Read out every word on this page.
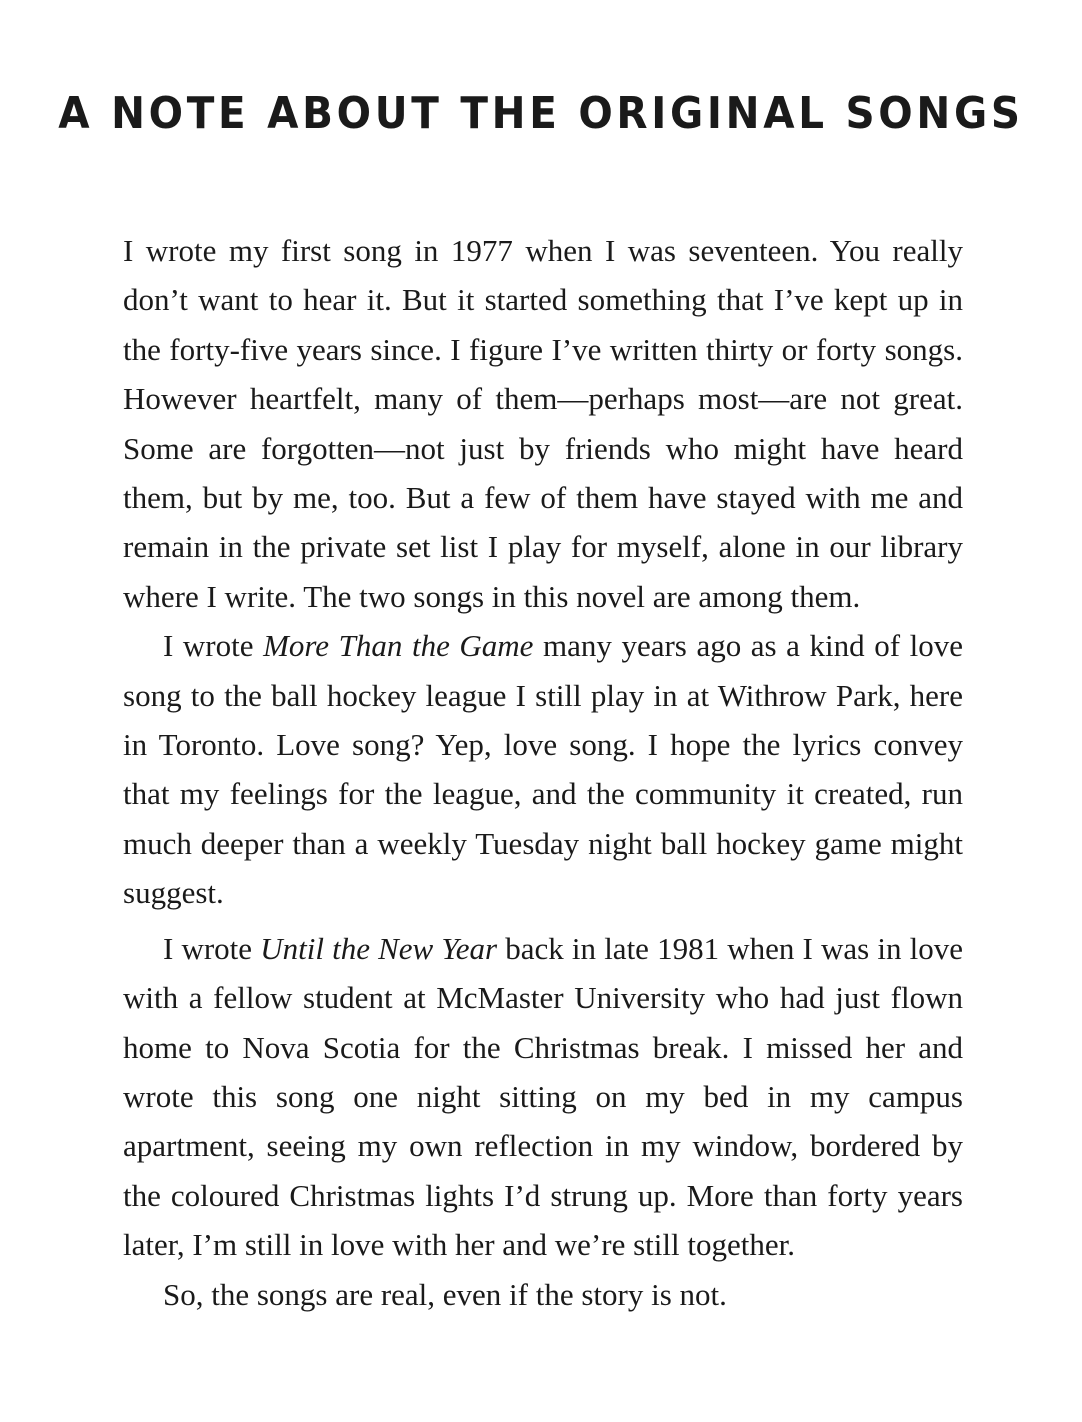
A NOTE ABOUT THE ORIGINAL SONGS

I wrote my first song in 1977 when I was seventeen. You really don’t want to hear it. But it started something that I’ve kept up in the forty-five years since. I figure I’ve written thirty or forty songs. However heartfelt, many of them—perhaps most—are not great. Some are forgotten—not just by friends who might have heard them, but by me, too. But a few of them have stayed with me and remain in the private set list I play for myself, alone in our library where I write. The two songs in this novel are among them.

I wrote More Than the Game many years ago as a kind of love song to the ball hockey league I still play in at Withrow Park, here in Toronto. Love song? Yep, love song. I hope the lyrics convey that my feelings for the league, and the community it created, run much deeper than a weekly Tuesday night ball hockey game might suggest.

I wrote Until the New Year back in late 1981 when I was in love with a fellow student at McMaster University who had just flown home to Nova Scotia for the Christmas break. I missed her and wrote this song one night sitting on my bed in my campus apartment, seeing my own reflection in my window, bordered by the coloured Christmas lights I’d strung up. More than forty years later, I’m still in love with her and we’re still together.

So, the songs are real, even if the story is not.
